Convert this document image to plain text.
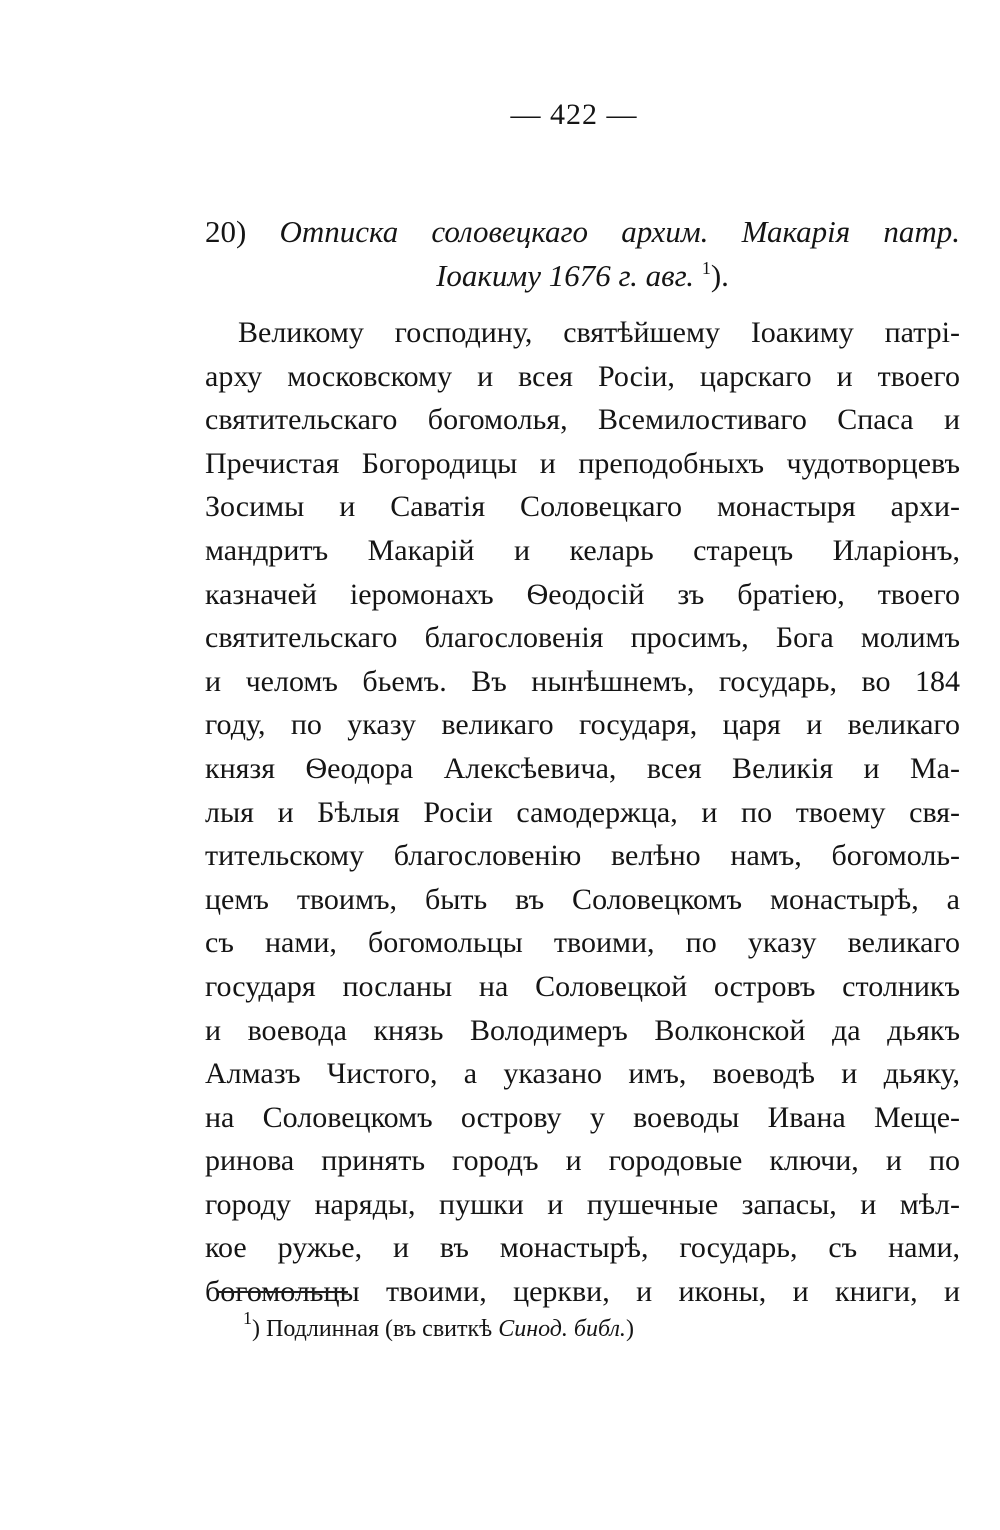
— 422 —
20) Отписка соловецкаго архим. Макарія патр.
Іоакиму 1676 г. авг. $^1$).
Великому господину, святѣйшему Іоакиму патрі-
арху московскому и всея Росіи, царскаго и твоего
святительскаго богомолья, Всемилостиваго Спаса и
Пречистая Богородицы и преподобныхъ чудотворцевъ
Зосимы и Саватія Соловецкаго монастыря архи-
мандритъ Макарій и келарь старецъ Иларіонъ,
казначей іеромонахъ Ѳеодосій зъ братіею, твоего
святительскаго благословенія просимъ, Бога молимъ
и челомъ бьемъ. Въ нынѣшнемъ, государь, во 184
году, по указу великаго государя, царя и великаго
князя Ѳеодора Алексѣевича, всея Великія и Ма-
лыя и Бѣлыя Росіи самодержца, и по твоему свя-
тительскому благословенію велѣно намъ, богомоль-
цемъ твоимъ, быть въ Соловецкомъ монастырѣ, а
съ нами, богомольцы твоими, по указу великаго
государя посланы на Соловецкой островъ столникъ
и воевода князь Володимеръ Волконской да дьякъ
Алмазъ Чистого, а указано имъ, воеводѣ и дьяку,
на Соловецкомъ острову у воеводы Ивана Меще-
ринова принять городъ и городовые ключи, и по
городу наряды, пушки и пушечные запасы, и мѣл-
кое ружье, и въ монастырѣ, государь, съ нами,
богомольцы твоими, церкви, и иконы, и книги, и
$^1$) Подлинная (въ свиткѣ Синод. библ.)
